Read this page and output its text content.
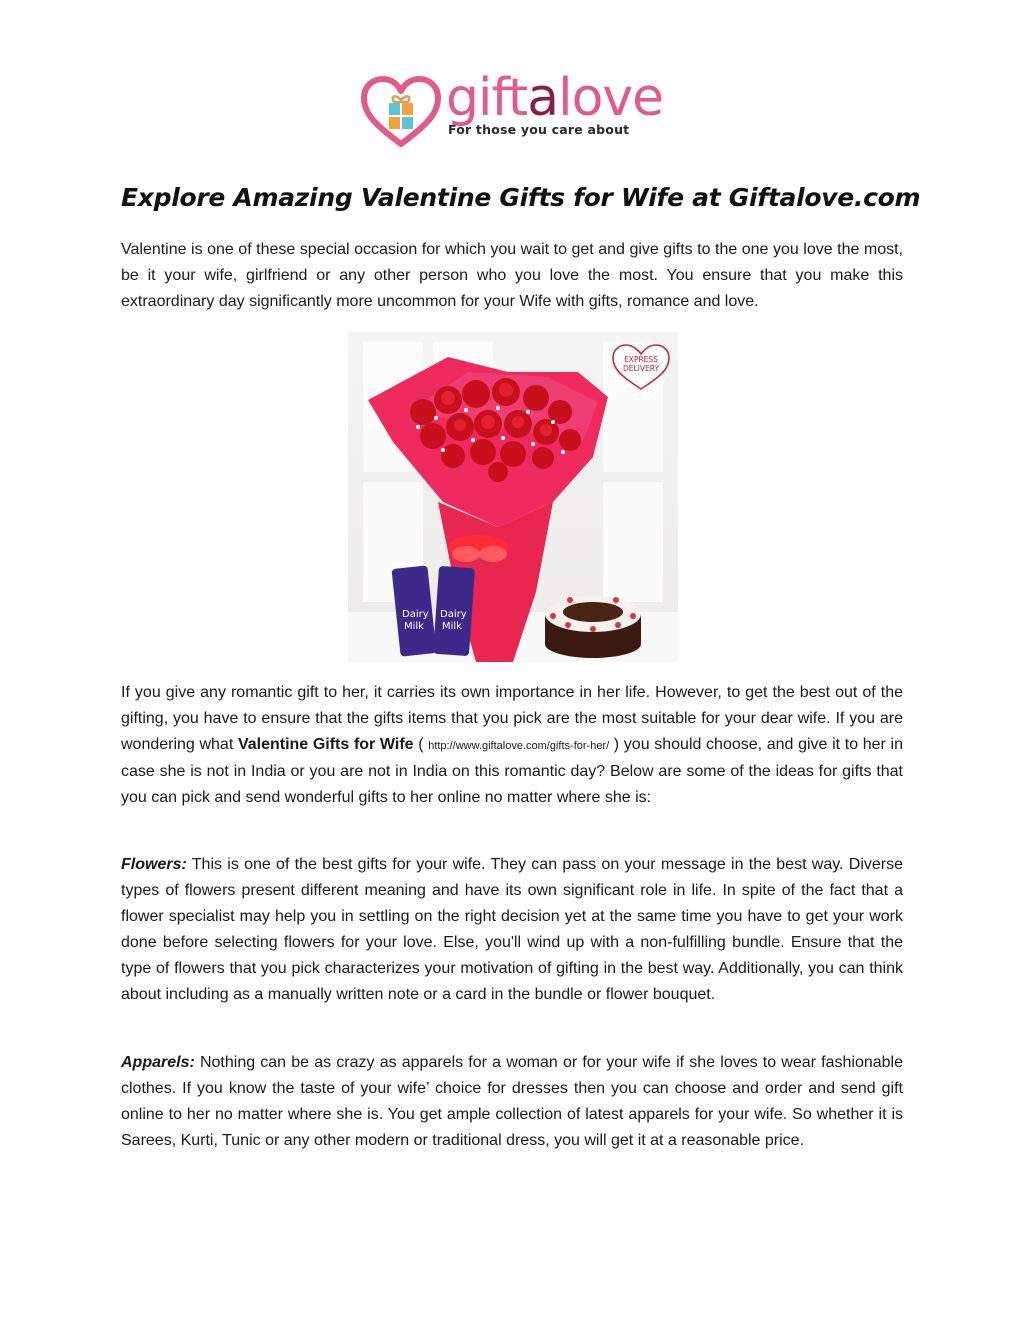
giftalove
For those you care about
Explore Amazing Valentine Gifts for Wife at Giftalove.com

Valentine is one of these special occasion for which you wait to get and give gifts to the one you love the most, be it your wife, girlfriend or any other person who you love the most. You ensure that you make this extraordinary day significantly more uncommon for your Wife with gifts, romance and love.

Dairy
Milk
Dairy
Milk
EXPRESS DELIVERY

If you give any romantic gift to her, it carries its own importance in her life. However, to get the best out of the gifting, you have to ensure that the gifts items that you pick are the most suitable for your dear wife. If you are wondering what Valentine Gifts for Wife ( http://www.giftalove.com/gifts-for-her/ ) you should choose, and give it to her in case she is not in India or you are not in India on this romantic day? Below are some of the ideas for gifts that you can pick and send wonderful gifts to her online no matter where she is:

Flowers: This is one of the best gifts for your wife. They can pass on your message in the best way. Diverse types of flowers present different meaning and have its own significant role in life. In spite of the fact that a flower specialist may help you in settling on the right decision yet at the same time you have to get your work done before selecting flowers for your love. Else, you'll wind up with a non-fulfilling bundle. Ensure that the type of flowers that you pick characterizes your motivation of gifting in the best way. Additionally, you can think about including as a manually written note or a card in the bundle or flower bouquet.

Apparels: Nothing can be as crazy as apparels for a woman or for your wife if she loves to wear fashionable clothes. If you know the taste of your wife’ choice for dresses then you can choose and order and send gift online to her no matter where she is. You get ample collection of latest apparels for your wife. So whether it is Sarees, Kurti, Tunic or any other modern or traditional dress, you will get it at a reasonable price.
